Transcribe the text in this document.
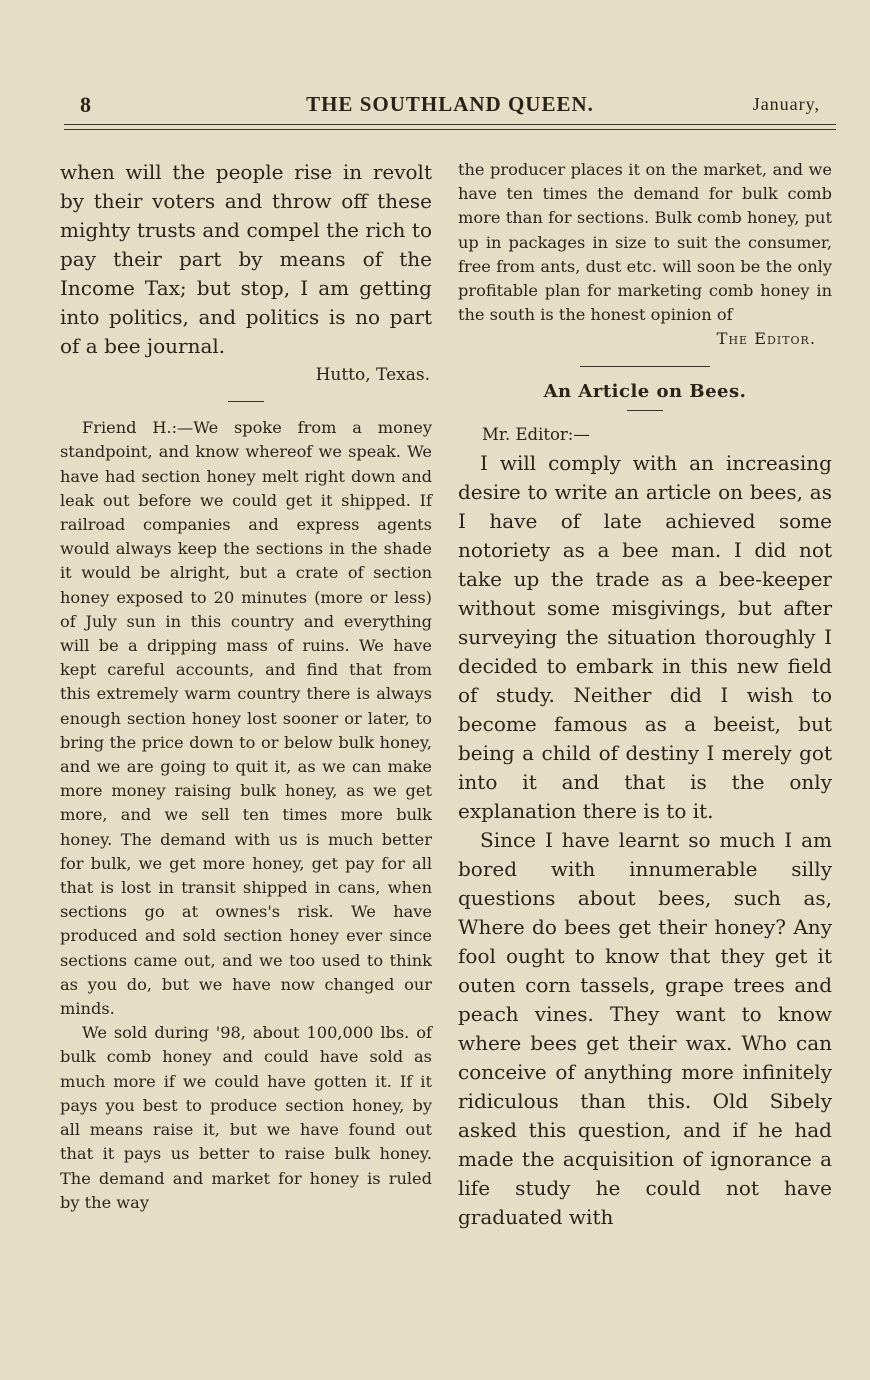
8	THE SOUTHLAND QUEEN.	January,

when will the people rise in revolt by their voters and throw off these mighty trusts and compel the rich to pay their part by means of the Income Tax; but stop, I am getting into politics, and politics is no part of a bee journal.

Hutto, Texas.

Friend H.:—We spoke from a money standpoint, and know whereof we speak. We have had section honey melt right down and leak out before we could get it shipped. If railroad companies and express agents would always keep the sections in the shade it would be alright, but a crate of section honey exposed to 20 minutes (more or less) of July sun in this country and everything will be a dripping mass of ruins. We have kept careful accounts, and find that from this extremely warm country there is always enough section honey lost sooner or later, to bring the price down to or below bulk honey, and we are going to quit it, as we can make more money raising bulk honey, as we get more, and we sell ten times more bulk honey. The demand with us is much better for bulk, we get more honey, get pay for all that is lost in transit shipped in cans, when sections go at ownes's risk. We have produced and sold section honey ever since sections came out, and we too used to think as you do, but we have now changed our minds.

We sold during '98, about 100,000 lbs. of bulk comb honey and could have sold as much more if we could have gotten it. If it pays you best to produce section honey, by all means raise it, but we have found out that it pays us better to raise bulk honey. The demand and market for honey is ruled by the way

the producer places it on the market, and we have ten times the demand for bulk comb more than for sections. Bulk comb honey, put up in packages in size to suit the consumer, free from ants, dust etc. will soon be the only profitable plan for marketing comb honey in the south is the honest opinion of

The Editor.

An Article on Bees.

Mr. Editor:—

I will comply with an increasing desire to write an article on bees, as I have of late achieved some notoriety as a bee man. I did not take up the trade as a bee-keeper without some misgivings, but after surveying the situation thoroughly I decided to embark in this new field of study. Neither did I wish to become famous as a beeist, but being a child of destiny I merely got into it and that is the only explanation there is to it.

Since I have learnt so much I am bored with innumerable silly questions about bees, such as, Where do bees get their honey? Any fool ought to know that they get it outen corn tassels, grape trees and peach vines. They want to know where bees get their wax. Who can conceive of anything more infinitely ridiculous than this. Old Sibely asked this question, and if he had made the acquisition of ignorance a life study he could not have graduated with
